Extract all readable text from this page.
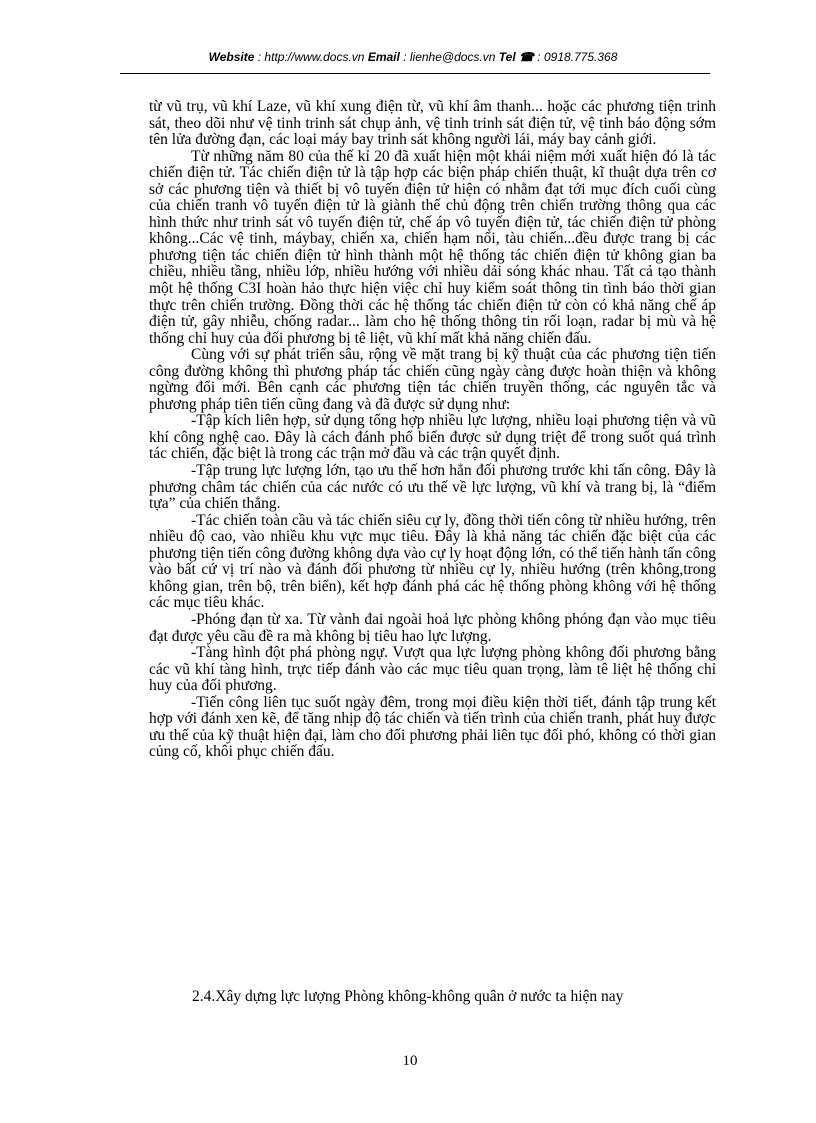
Website : http://www.docs.vn Email : lienhe@docs.vn Tel ☎ : 0918.775.368

từ vũ trụ, vũ khí Laze, vũ khí xung điện từ, vũ khí âm thanh... hoặc các phương tiện trinh sát, theo dõi như vệ tinh trinh sát chụp ảnh, vệ tinh trinh sát điện tử, vệ tinh báo động sớm tên lửa đường đạn, các loại máy bay trinh sát không người lái, máy bay cảnh giới.

Từ những năm 80 của thế kỉ 20 đã xuất hiện một khái niệm mới xuất hiện đó là tác chiến điện tử. Tác chiến điện tử là tập hợp các biện pháp chiến thuật, kĩ thuật dựa trên cơ sở các phương tiện và thiết bị vô tuyến điện tử hiện có nhằm đạt tới mục đích cuối cùng của chiến tranh vô tuyến điện tử là giành thế chủ động trên chiến trường thông qua các hình thức như trinh sát vô tuyến điện tử, chế áp vô tuyến điện tử, tác chiến điện tử phòng không...Các vệ tinh, máybay, chiến xa, chiến hạm nổi, tàu chiến...đều được trang bị các phương tiện tác chiến điện tử hình thành một hệ thống tác chiến điện tử không gian ba chiều, nhiều tầng, nhiều lớp, nhiều hướng với nhiều dải sóng khác nhau. Tất cả tạo thành một hệ thống C3I hoàn hảo thực hiện việc chỉ huy kiểm soát thông tin tình báo thời gian thực trên chiến trường. Đồng thời các hệ thống tác chiến điện tử còn có khả năng chế áp điện tử, gây nhiễu, chống radar... làm cho hệ thống thông tin rối loạn, radar bị mù và hệ thống chỉ huy của đối phương bị tê liệt, vũ khí mất khả năng chiến đấu.

Cùng với sự phát triển sâu, rộng về mặt trang bị kỹ thuật của các phương tiện tiến công đường không thì phương pháp tác chiến cũng ngày càng được hoàn thiện và không ngừng đổi mới. Bên cạnh các phương tiện tác chiến truyền thống, các nguyên tắc và phương pháp tiên tiến cũng đang và đã được sử dụng như:

-Tập kích liên hợp, sử dụng tổng hợp nhiều lực lượng, nhiều loại phương tiện và vũ khí công nghệ cao. Đây là cách đánh phổ biến được sử dụng triệt để trong suốt quá trình tác chiến, đặc biệt là trong các trận mở đầu và các trận quyết định.

-Tập trung lực lượng lớn, tạo ưu thế hơn hẳn đối phương trước khi tấn công. Đây là phương châm tác chiến của các nước có ưu thế về lực lượng, vũ khí và trang bị, là “điểm tựa” của chiến thắng.

-Tác chiến toàn cầu và tác chiến siêu cự ly, đồng thời tiến công từ nhiều hướng, trên nhiều độ cao, vào nhiều khu vực mục tiêu. Đây là khả năng tác chiến đặc biệt của các phương tiện tiến công đường không dựa vào cự ly hoạt động lớn, có thể tiến hành tấn công vào bất cứ vị trí nào và đánh đối phương từ nhiều cự ly, nhiều hướng (trên không,trong không gian, trên bộ, trên biển), kết hợp đánh phá các hệ thống phòng không với hệ thống các mục tiêu khác.

-Phóng đạn từ xa. Từ vành đai ngoài hoả lực phòng không phóng đạn vào mục tiêu đạt được yêu cầu đề ra mà không bị tiêu hao lực lượng.

-Tàng hình đột phá phòng ngự. Vượt qua lực lượng phòng không đối phương bằng các vũ khí tàng hình, trực tiếp đánh vào các mục tiêu quan trọng, làm tê liệt hệ thống chỉ huy của đối phương.

-Tiến công liên tục suốt ngày đêm, trong mọi điều kiện thời tiết, đánh tập trung kết hợp với đánh xen kẽ, để tăng nhịp độ tác chiến và tiến trình của chiến tranh, phát huy được ưu thế của kỹ thuật hiện đại, làm cho đối phương phải liên tục đối phó, không có thời gian củng cố, khôi phục chiến đấu.

2.4.Xây dựng lực lượng Phòng không-không quân ở nước ta hiện nay
10
